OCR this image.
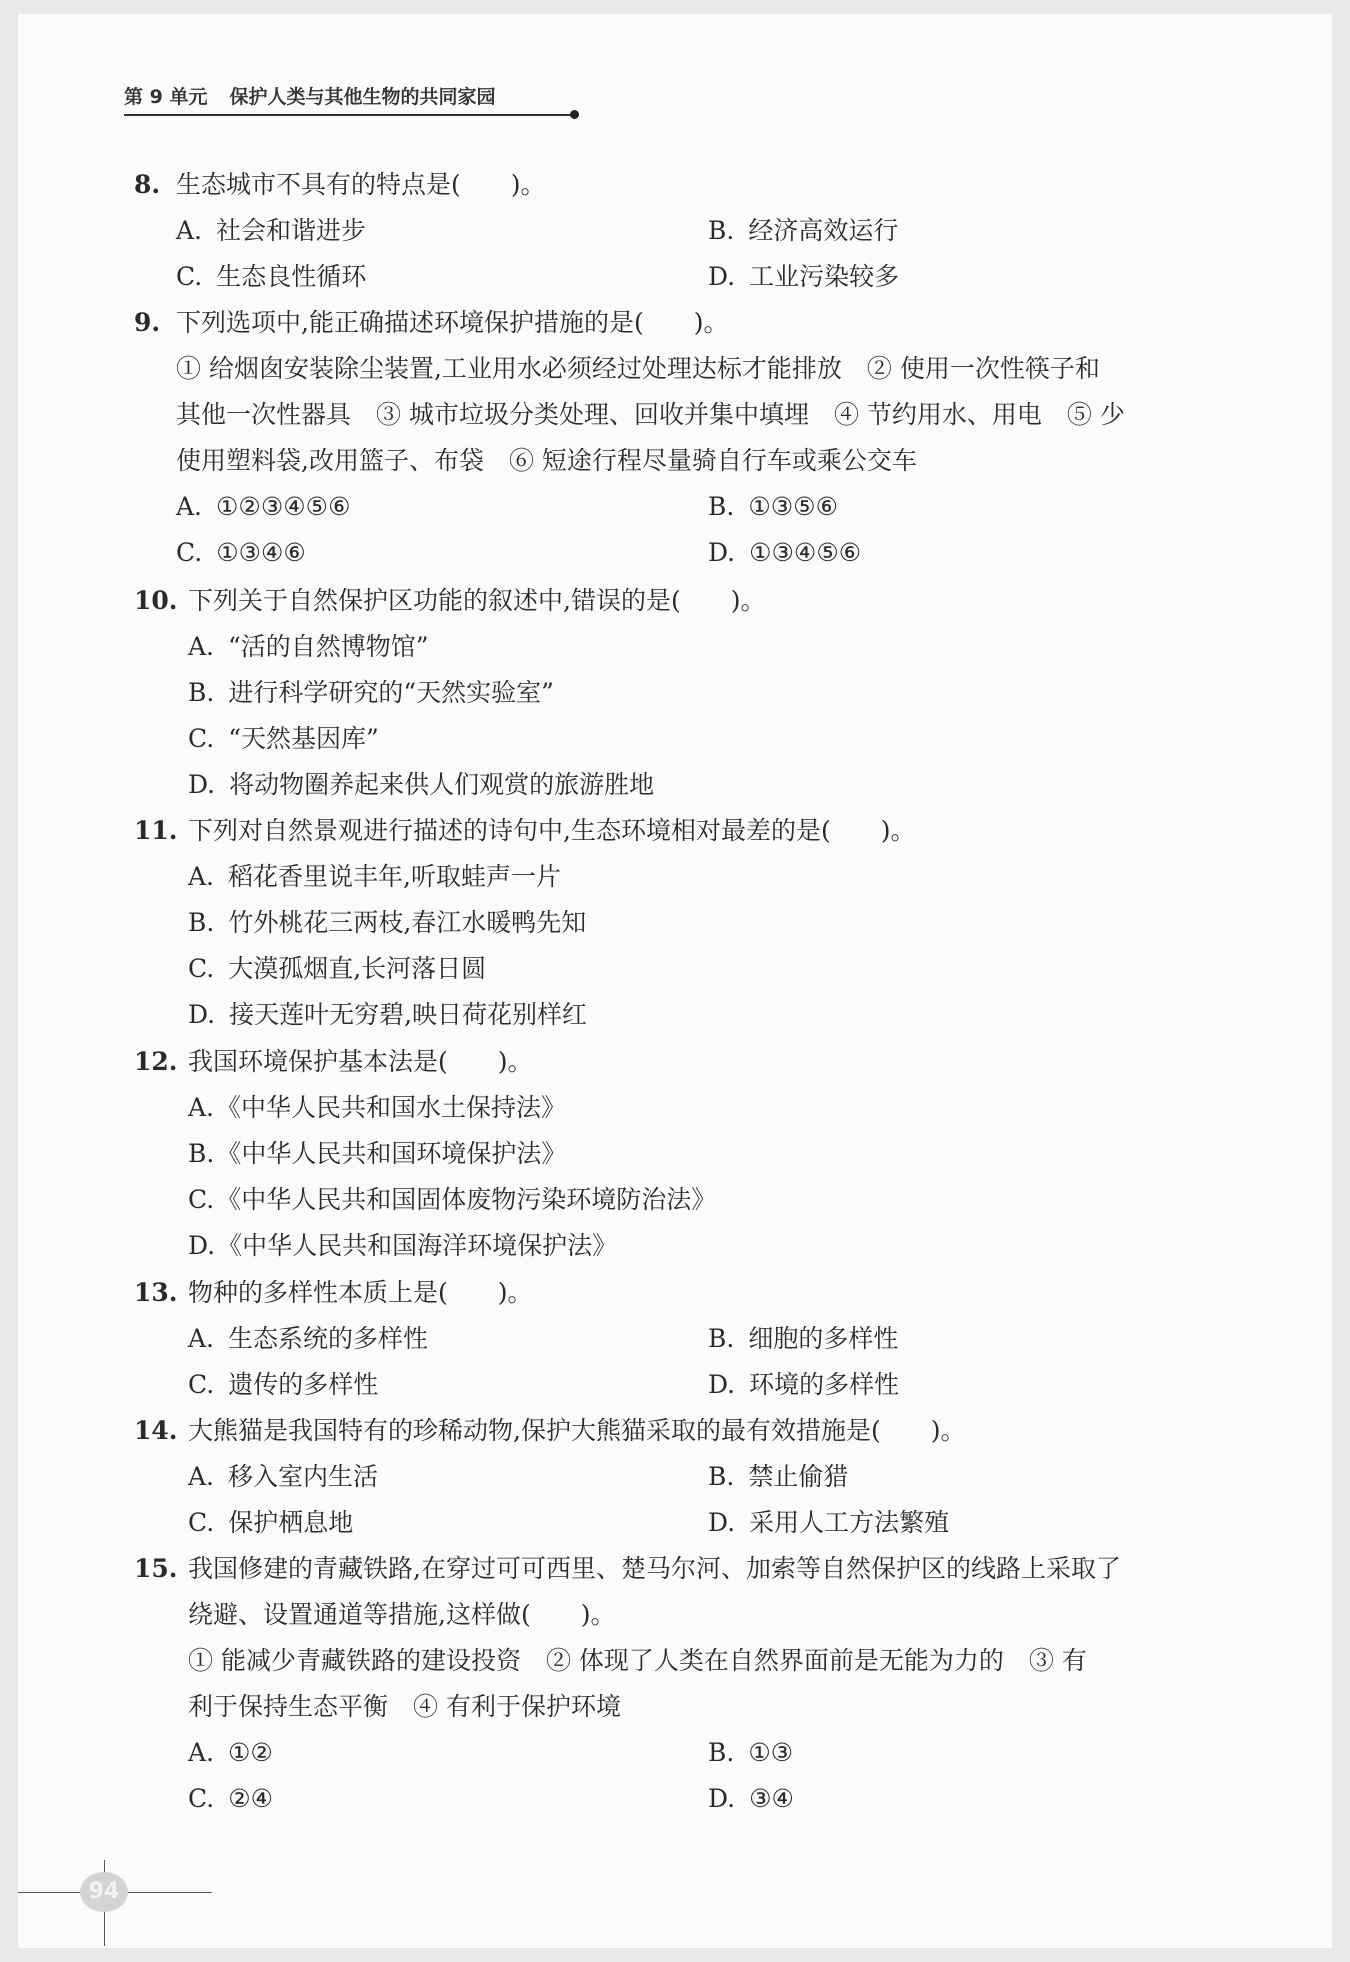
第 9 单元 保护人类与其他生物的共同家园
8. 生态城市不具有的特点是(　　)。
A. 社会和谐进步	B. 经济高效运行
C. 生态良性循环	D. 工业污染较多
9. 下列选项中,能正确描述环境保护措施的是(　　)。
① 给烟囱安装除尘装置,工业用水必须经过处理达标才能排放　② 使用一次性筷子和
其他一次性器具　③ 城市垃圾分类处理、回收并集中填埋　④ 节约用水、用电　⑤ 少
使用塑料袋,改用篮子、布袋　⑥ 短途行程尽量骑自行车或乘公交车
A. ①②③④⑤⑥	B. ①③⑤⑥
C. ①③④⑥	D. ①③④⑤⑥
10. 下列关于自然保护区功能的叙述中,错误的是(　　)。
A. “活的自然博物馆”
B. 进行科学研究的“天然实验室”
C. “天然基因库”
D. 将动物圈养起来供人们观赏的旅游胜地
11. 下列对自然景观进行描述的诗句中,生态环境相对最差的是(　　)。
A. 稻花香里说丰年,听取蛙声一片
B. 竹外桃花三两枝,春江水暖鸭先知
C. 大漠孤烟直,长河落日圆
D. 接天莲叶无穷碧,映日荷花别样红
12. 我国环境保护基本法是(　　)。
A.《中华人民共和国水土保持法》
B.《中华人民共和国环境保护法》
C.《中华人民共和国固体废物污染环境防治法》
D.《中华人民共和国海洋环境保护法》
13. 物种的多样性本质上是(　　)。
A. 生态系统的多样性	B. 细胞的多样性
C. 遗传的多样性	D. 环境的多样性
14. 大熊猫是我国特有的珍稀动物,保护大熊猫采取的最有效措施是(　　)。
A. 移入室内生活	B. 禁止偷猎
C. 保护栖息地	D. 采用人工方法繁殖
15. 我国修建的青藏铁路,在穿过可可西里、楚马尔河、加索等自然保护区的线路上采取了
绕避、设置通道等措施,这样做(　　)。
① 能减少青藏铁路的建设投资　② 体现了人类在自然界面前是无能为力的　③ 有
利于保持生态平衡　④ 有利于保护环境
A. ①②	B. ①③
C. ②④	D. ③④
94
